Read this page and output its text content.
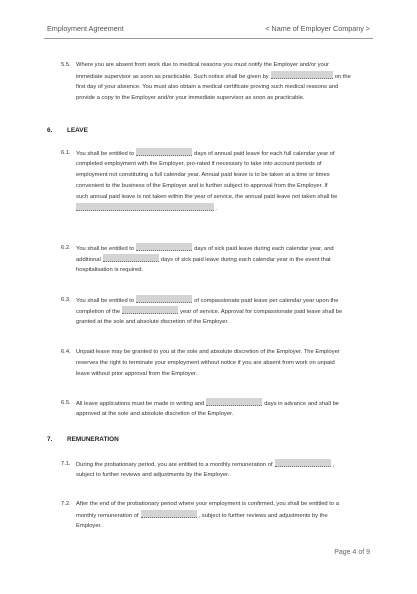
Employment Agreement	< Name of Employer Company >
5.5. Where you are absent from work due to medical reasons you must notify the Employer and/or your
immediate supervisor as soon as practicable. Such notice shall be given by	on the
first day of your absence. You must also obtain a medical certificate proving such medical reasons and
provide a copy to the Employer and/or your immediate supervisor as soon as practicable.
6. LEAVE
6.1. You shall be entitled to	days of annual paid leave for each full calendar year of
completed employment with the Employer, pro-rated if necessary to take into account periods of
employment not constituting a full calendar year. Annual paid leave is to be taken at a time or times
convenient to the business of the Employer and is further subject to approval from the Employer. If
such annual paid leave is not taken within the year of service, the annual paid leave not taken shall be
.
6.2. You shall be entitled to	days of sick paid leave during each calendar year, and
additional	days of sick paid leave during each calendar year in the event that
hospitalisation is required.
6.3. You shall be entitled to	of compassionate paid leave per calendar year upon the
completion of the	year of service. Approval for compassionate paid leave shall be
granted at the sole and absolute discretion of the Employer.
6.4. Unpaid leave may be granted to you at the sole and absolute discretion of the Employer. The Employer
reserves the right to terminate your employment without notice if you are absent from work on unpaid
leave without prior approval from the Employer.
6.5. All leave applications must be made in writing and	days in advance and shall be
approved at the sole and absolute discretion of the Employer.
7. REMUNERATION
7.1. During the probationary period, you are entitled to a monthly remuneration of	,
subject to further reviews and adjustments by the Employer.
7.2. After the end of the probationary period where your employment is confirmed, you shall be entitled to a
monthly remuneration of	, subject to further reviews and adjustments by the
Employer.
Page 4 of 9
